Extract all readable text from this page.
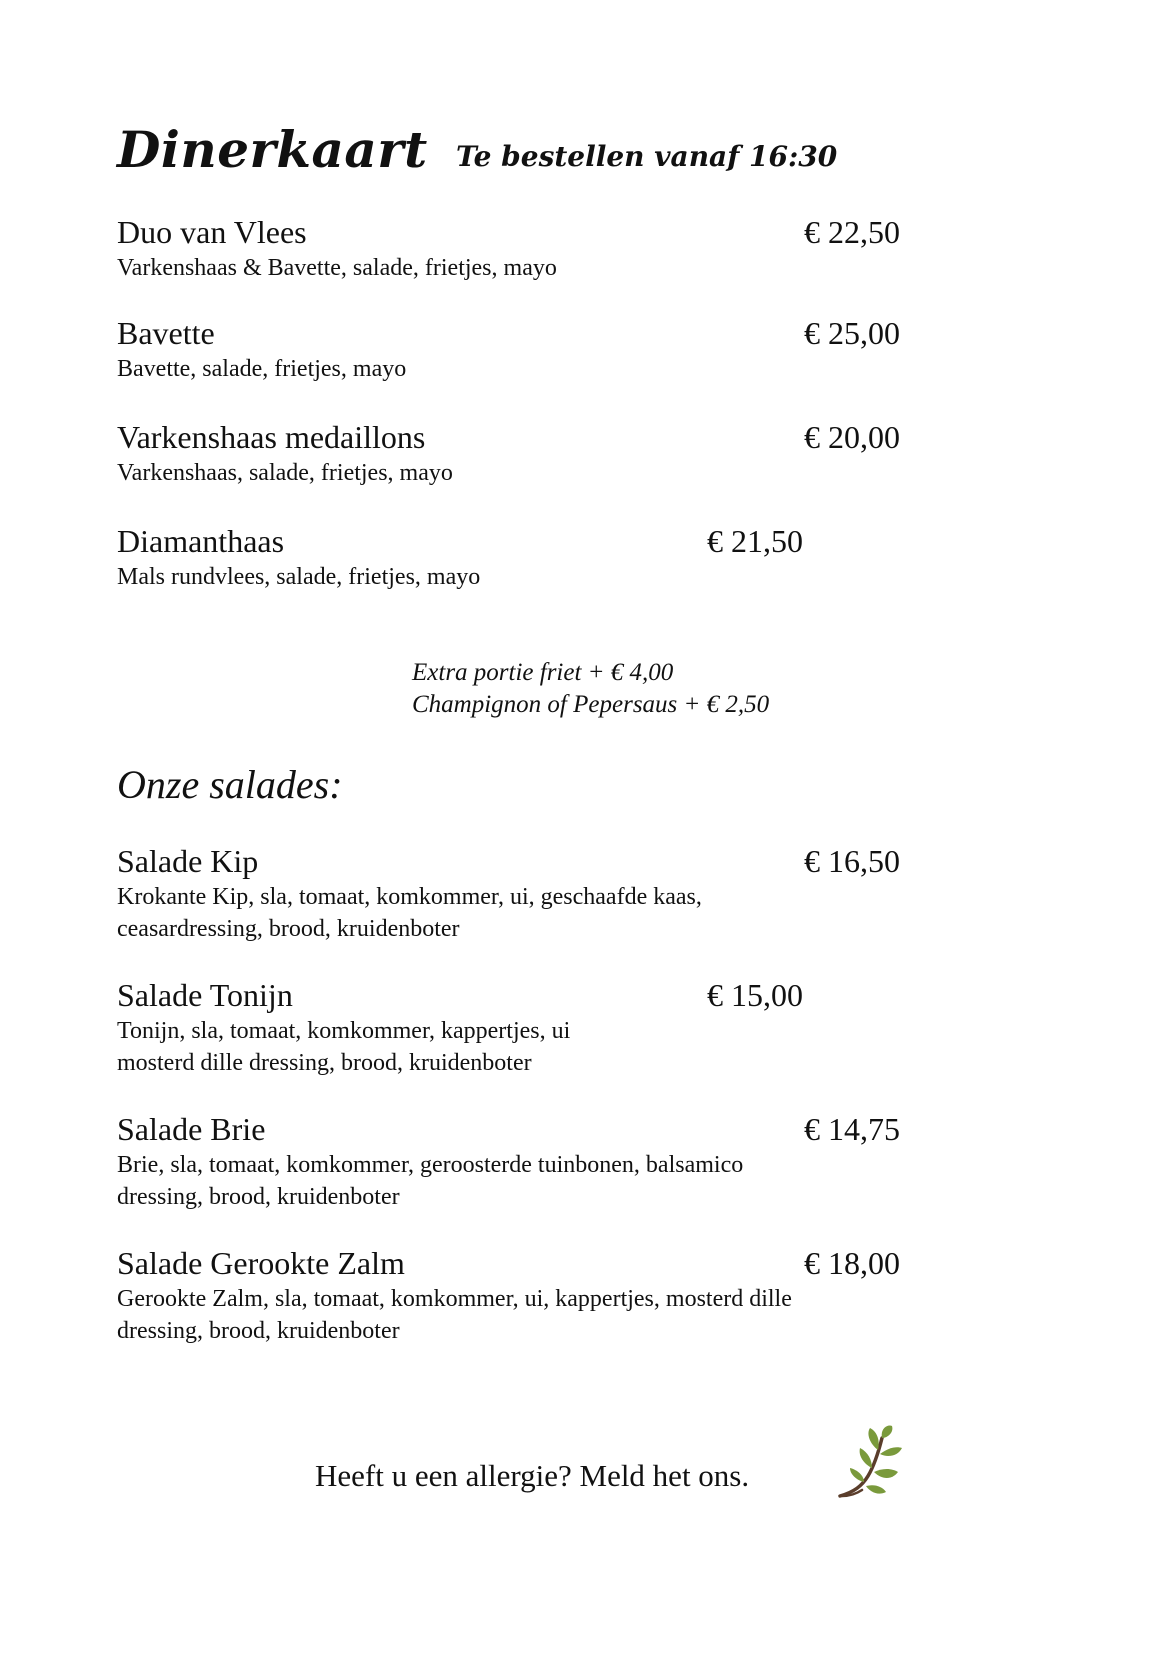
Dinerkaart Te bestellen vanaf 16:30
Duo van Vlees	€ 22,50
Varkenshaas & Bavette, salade, frietjes, mayo
Bavette	€ 25,00
Bavette, salade, frietjes, mayo
Varkenshaas medaillons	€ 20,00
Varkenshaas, salade, frietjes, mayo
Diamanthaas	€ 21,50
Mals rundvlees, salade, frietjes, mayo
Extra portie friet + € 4,00
Champignon of Pepersaus + € 2,50
Onze salades:
Salade Kip	€ 16,50
Krokante Kip, sla, tomaat, komkommer, ui, geschaafde kaas,
ceasardressing, brood, kruidenboter
Salade Tonijn	€ 15,00
Tonijn, sla, tomaat, komkommer, kappertjes, ui
mosterd dille dressing, brood, kruidenboter
Salade Brie	€ 14,75
Brie, sla, tomaat, komkommer, geroosterde tuinbonen, balsamico
dressing, brood, kruidenboter
Salade Gerookte Zalm	€ 18,00
Gerookte Zalm, sla, tomaat, komkommer, ui, kappertjes, mosterd dille
dressing, brood, kruidenboter
Heeft u een allergie? Meld het ons.
